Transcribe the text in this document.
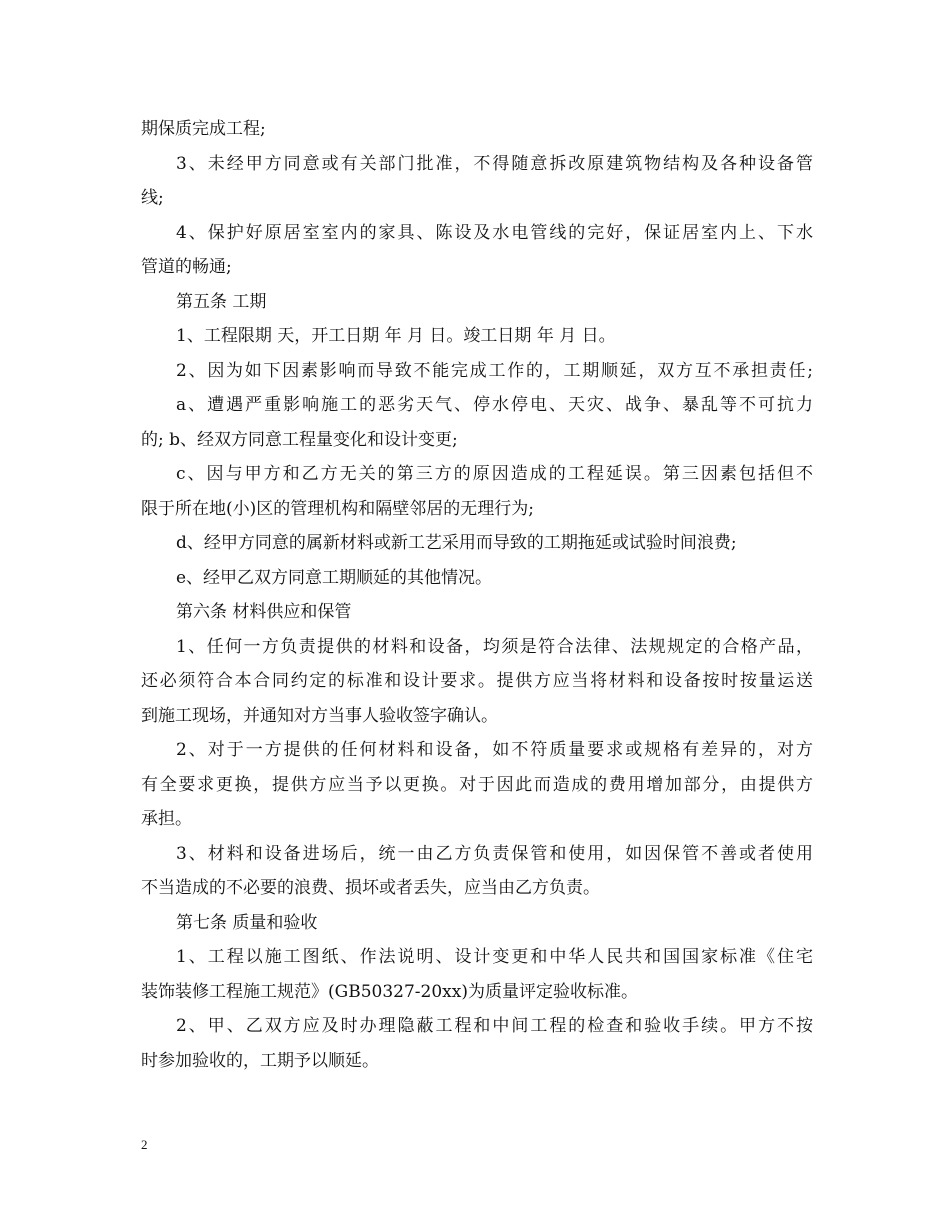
期保质完成工程;
3、未经甲方同意或有关部门批准，不得随意拆改原建筑物结构及各种设备管
线;
4、保护好原居室室内的家具、陈设及水电管线的完好，保证居室内上、下水
管道的畅通;
第五条 工期
1、工程限期 天，开工日期 年 月 日。竣工日期 年 月 日。
2、因为如下因素影响而导致不能完成工作的，工期顺延，双方互不承担责任;
a、遭遇严重影响施工的恶劣天气、停水停电、天灾、战争、暴乱等不可抗力
的; b、经双方同意工程量变化和设计变更;
c、因与甲方和乙方无关的第三方的原因造成的工程延误。第三因素包括但不
限于所在地(小)区的管理机构和隔壁邻居的无理行为;
d、经甲方同意的属新材料或新工艺采用而导致的工期拖延或试验时间浪费;
e、经甲乙双方同意工期顺延的其他情况。
第六条 材料供应和保管
1、任何一方负责提供的材料和设备，均须是符合法律、法规规定的合格产品，
还必须符合本合同约定的标准和设计要求。提供方应当将材料和设备按时按量运送
到施工现场，并通知对方当事人验收签字确认。
2、对于一方提供的任何材料和设备，如不符质量要求或规格有差异的，对方
有全要求更换，提供方应当予以更换。对于因此而造成的费用增加部分，由提供方
承担。
3、材料和设备进场后，统一由乙方负责保管和使用，如因保管不善或者使用
不当造成的不必要的浪费、损坏或者丢失，应当由乙方负责。
第七条 质量和验收
1、工程以施工图纸、作法说明、设计变更和中华人民共和国国家标准《住宅
装饰装修工程施工规范》(GB50327-20xx)为质量评定验收标准。
2、甲、乙双方应及时办理隐蔽工程和中间工程的检查和验收手续。甲方不按
时参加验收的，工期予以顺延。
2
